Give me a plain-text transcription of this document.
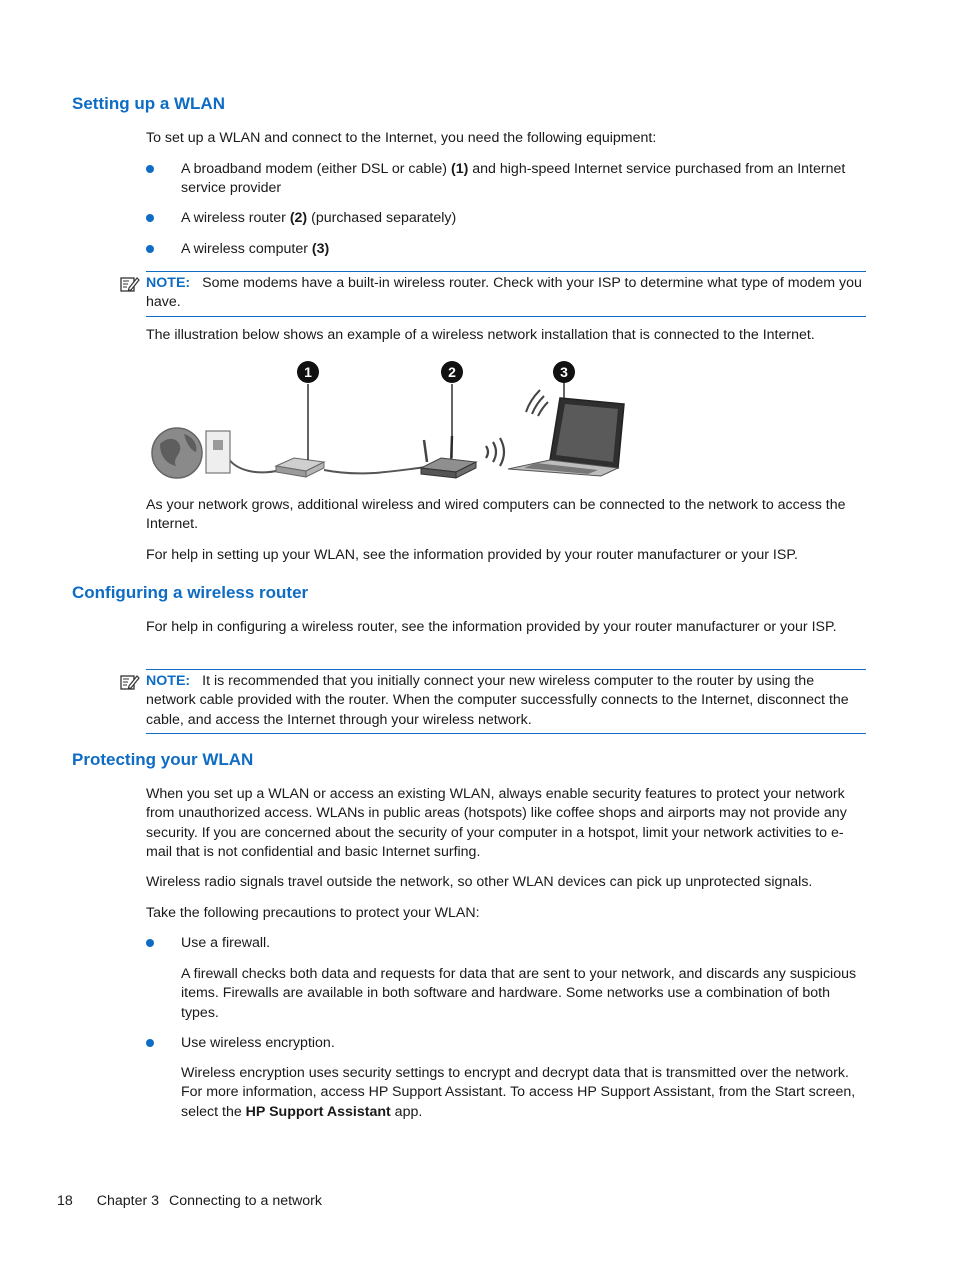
Setting up a WLAN

To set up a WLAN and connect to the Internet, you need the following equipment:

A broadband modem (either DSL or cable) (1) and high-speed Internet service purchased from an Internet service provider

A wireless router (2) (purchased separately)

A wireless computer (3)

NOTE: Some modems have a built-in wireless router. Check with your ISP to determine what type of modem you have.

The illustration below shows an example of a wireless network installation that is connected to the Internet.

1	2	3

As your network grows, additional wireless and wired computers can be connected to the network to access the Internet.

For help in setting up your WLAN, see the information provided by your router manufacturer or your ISP.

Configuring a wireless router

For help in configuring a wireless router, see the information provided by your router manufacturer or your ISP.

NOTE: It is recommended that you initially connect your new wireless computer to the router by using the network cable provided with the router. When the computer successfully connects to the Internet, disconnect the cable, and access the Internet through your wireless network.
Protecting your WLAN

When you set up a WLAN or access an existing WLAN, always enable security features to protect your network from unauthorized access. WLANs in public areas (hotspots) like coffee shops and airports may not provide any security. If you are concerned about the security of your computer in a hotspot, limit your network activities to e-mail that is not confidential and basic Internet surfing.

Wireless radio signals travel outside the network, so other WLAN devices can pick up unprotected signals.

Take the following precautions to protect your WLAN:

Use a firewall.

A firewall checks both data and requests for data that are sent to your network, and discards any suspicious items. Firewalls are available in both software and hardware. Some networks use a combination of both types.

Use wireless encryption.

Wireless encryption uses security settings to encrypt and decrypt data that is transmitted over the network. For more information, access HP Support Assistant. To access HP Support Assistant, from the Start screen, select the HP Support Assistant app.

18 Chapter 3 Connecting to a network
